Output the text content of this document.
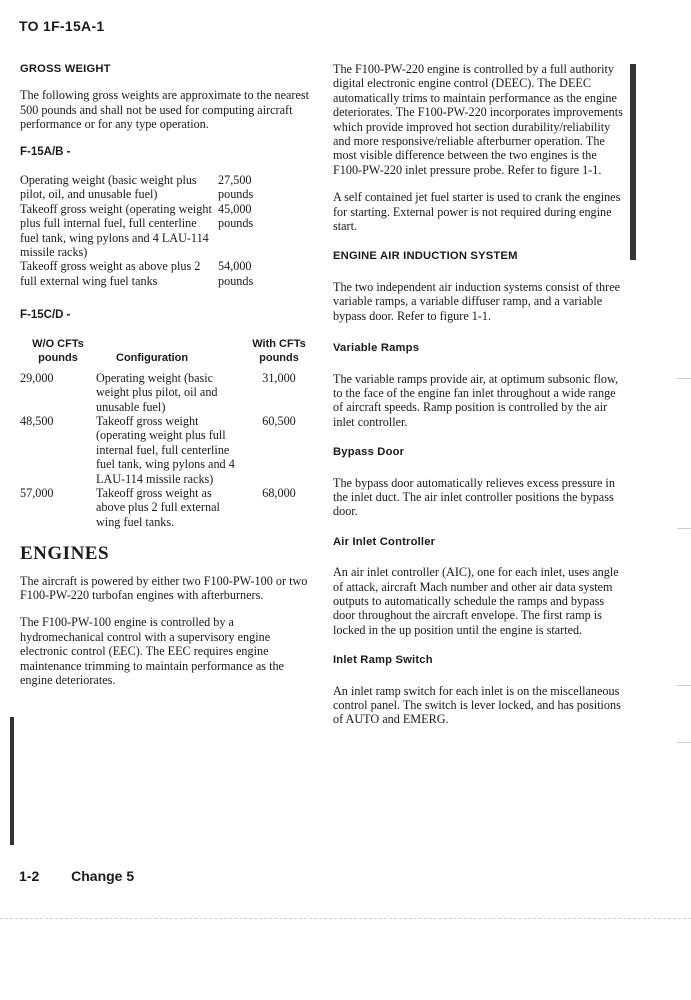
TO 1F-15A-1
GROSS WEIGHT

The following gross weights are approximate to the nearest 500 pounds and shall not be used for computing aircraft performance or for any type operation.

F-15A/B -
Operating weight (basic weight plus pilot, oil, and unusable fuel)	27,500
pounds

Takeoff gross weight (operating weight plus full internal fuel, full centerline fuel tank, wing pylons and 4 LAU-114 missile racks)	45,000
pounds

Takeoff gross weight as above plus 2 full external wing fuel tanks	54,000
pounds
F-15C/D -
W/O CFTs pounds	Configuration	With CFTs pounds
29,000	Operating weight (basic weight plus pilot, oil and unusable fuel)	31,000
48,500	Takeoff gross weight (operating weight plus full internal fuel, full centerline fuel tank, wing pylons and 4 LAU-114 missile racks)	60,500
57,000	Takeoff gross weight as above plus 2 full external wing fuel tanks.	68,000
ENGINES

The aircraft is powered by either two F100-PW-100 or two F100-PW-220 turbofan engines with afterburners.

The F100-PW-100 engine is controlled by a hydromechanical control with a supervisory engine electronic control (EEC). The EEC requires engine maintenance trimming to maintain performance as the engine deteriorates.

The F100-PW-220 engine is controlled by a full authority digital electronic engine control (DEEC). The DEEC automatically trims to maintain performance as the engine deteriorates. The F100-PW-220 incorporates improvements which provide improved hot section durability/reliability and more responsive/reliable afterburner operation. The most visible difference between the two engines is the F100-PW-220 inlet pressure probe. Refer to figure 1-1.

A self contained jet fuel starter is used to crank the engines for starting. External power is not required during engine start.

ENGINE AIR INDUCTION SYSTEM

The two independent air induction systems consist of three variable ramps, a variable diffuser ramp, and a variable bypass door. Refer to figure 1-1.

Variable Ramps

The variable ramps provide air, at optimum subsonic flow, to the face of the engine fan inlet throughout a wide range of aircraft speeds. Ramp position is controlled by the air inlet controller.

Bypass Door

The bypass door automatically relieves excess pressure in the inlet duct. The air inlet controller positions the bypass door.

Air Inlet Controller

An air inlet controller (AIC), one for each inlet, uses angle of attack, aircraft Mach number and other air data system outputs to automatically schedule the ramps and bypass door throughout the aircraft envelope. The first ramp is locked in the up position until the engine is started.

Inlet Ramp Switch

An inlet ramp switch for each inlet is on the miscellaneous control panel. The switch is lever locked, and has positions of AUTO and EMERG.

1-2 Change 5
